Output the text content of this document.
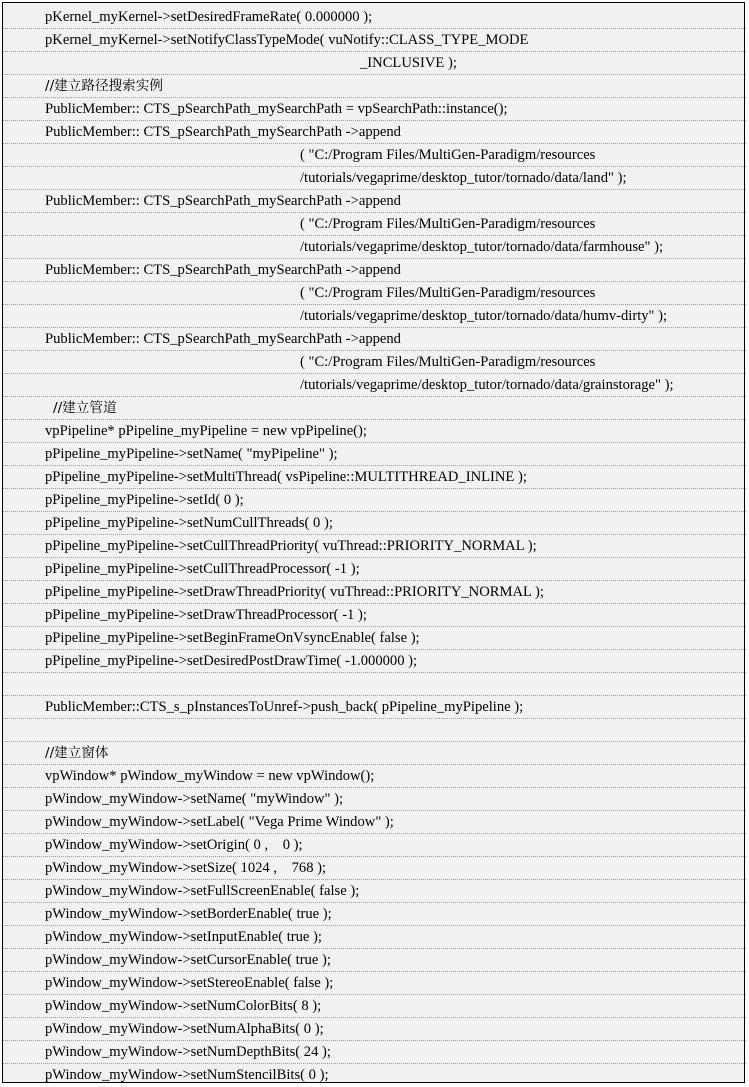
pKernel_myKernel->setDesiredFrameRate( 0.000000 );
pKernel_myKernel->setNotifyClassTypeMode( vuNotify::CLASS_TYPE_MODE
_INCLUSIVE );
//建立路径搜索实例
PublicMember:: CTS_pSearchPath_mySearchPath = vpSearchPath::instance();
PublicMember:: CTS_pSearchPath_mySearchPath ->append
( "C:/Program Files/MultiGen-Paradigm/resources
/tutorials/vegaprime/desktop_tutor/tornado/data/land" );
PublicMember:: CTS_pSearchPath_mySearchPath ->append
( "C:/Program Files/MultiGen-Paradigm/resources
/tutorials/vegaprime/desktop_tutor/tornado/data/farmhouse" );
PublicMember:: CTS_pSearchPath_mySearchPath ->append
( "C:/Program Files/MultiGen-Paradigm/resources
/tutorials/vegaprime/desktop_tutor/tornado/data/humv-dirty" );
PublicMember:: CTS_pSearchPath_mySearchPath ->append
( "C:/Program Files/MultiGen-Paradigm/resources
/tutorials/vegaprime/desktop_tutor/tornado/data/grainstorage" );
//建立管道
vpPipeline* pPipeline_myPipeline = new vpPipeline();
pPipeline_myPipeline->setName( "myPipeline" );
pPipeline_myPipeline->setMultiThread( vsPipeline::MULTITHREAD_INLINE );
pPipeline_myPipeline->setId( 0 );
pPipeline_myPipeline->setNumCullThreads( 0 );
pPipeline_myPipeline->setCullThreadPriority( vuThread::PRIORITY_NORMAL );
pPipeline_myPipeline->setCullThreadProcessor( -1 );
pPipeline_myPipeline->setDrawThreadPriority( vuThread::PRIORITY_NORMAL );
pPipeline_myPipeline->setDrawThreadProcessor( -1 );
pPipeline_myPipeline->setBeginFrameOnVsyncEnable( false );
pPipeline_myPipeline->setDesiredPostDrawTime( -1.000000 );
PublicMember::CTS_s_pInstancesToUnref->push_back( pPipeline_myPipeline );
//建立窗体
vpWindow* pWindow_myWindow = new vpWindow();
pWindow_myWindow->setName( "myWindow" );
pWindow_myWindow->setLabel( "Vega Prime Window" );
pWindow_myWindow->setOrigin( 0 ,    0 );
pWindow_myWindow->setSize( 1024 ,    768 );
pWindow_myWindow->setFullScreenEnable( false );
pWindow_myWindow->setBorderEnable( true );
pWindow_myWindow->setInputEnable( true );
pWindow_myWindow->setCursorEnable( true );
pWindow_myWindow->setStereoEnable( false );
pWindow_myWindow->setNumColorBits( 8 );
pWindow_myWindow->setNumAlphaBits( 0 );
pWindow_myWindow->setNumDepthBits( 24 );
pWindow_myWindow->setNumStencilBits( 0 );
